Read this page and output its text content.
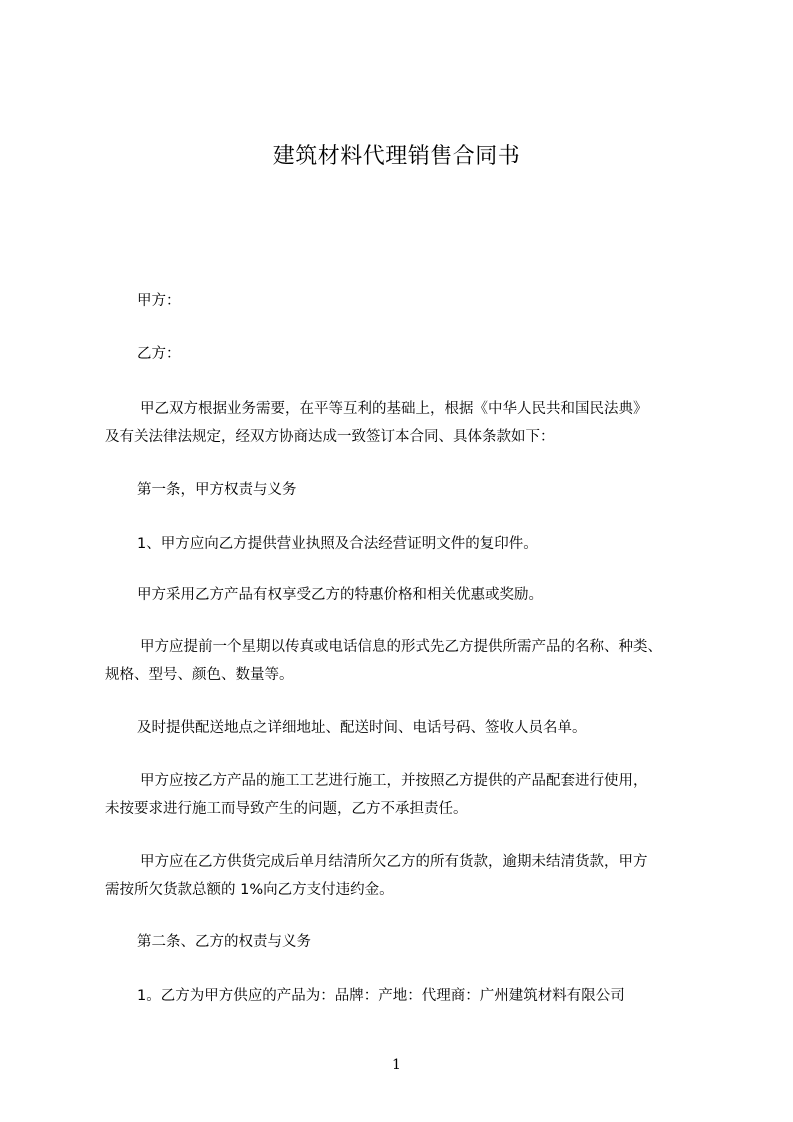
建筑材料代理销售合同书

甲方：

乙方：

甲乙双方根据业务需要，在平等互利的基础上，根据《中华人民共和国民法典》
及有关法律法规定，经双方协商达成一致签订本合同、具体条款如下：

第一条，甲方权责与义务

1、甲方应向乙方提供营业执照及合法经营证明文件的复印件。

甲方采用乙方产品有权享受乙方的特惠价格和相关优惠或奖励。

甲方应提前一个星期以传真或电话信息的形式先乙方提供所需产品的名称、种类、
规格、型号、颜色、数量等。

及时提供配送地点之详细地址、配送时间、电话号码、签收人员名单。

甲方应按乙方产品的施工工艺进行施工，并按照乙方提供的产品配套进行使用，
未按要求进行施工而导致产生的问题，乙方不承担责任。

甲方应在乙方供货完成后单月结清所欠乙方的所有货款，逾期未结清货款，甲方
需按所欠货款总额的 1%向乙方支付违约金。

第二条、乙方的权责与义务

1。乙方为甲方供应的产品为：品牌：产地：代理商：广州建筑材料有限公司

1
